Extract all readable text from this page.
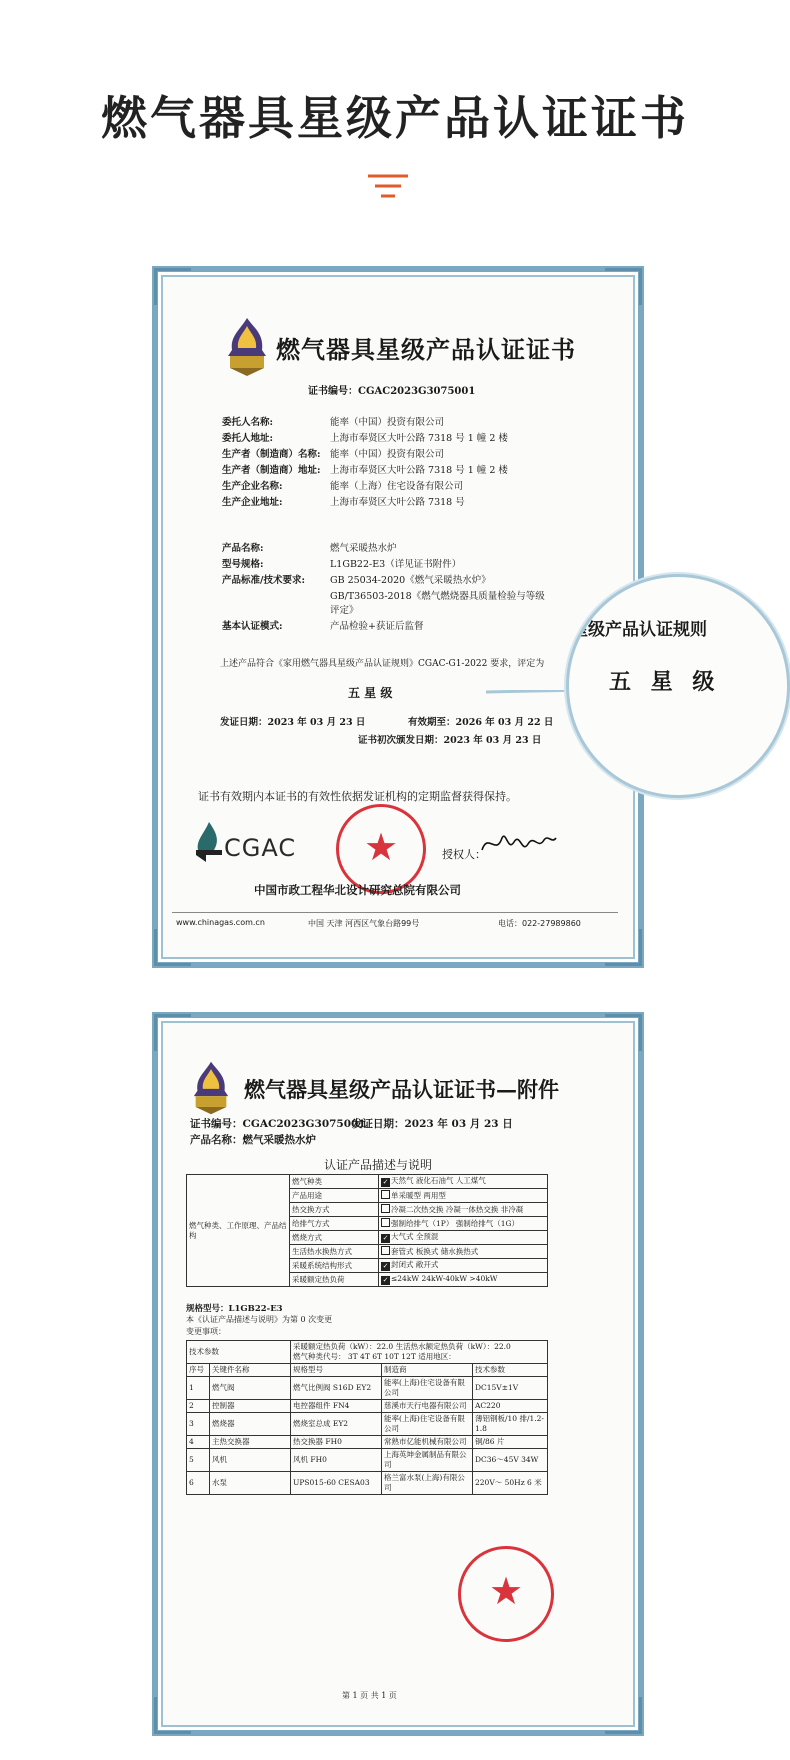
燃气器具星级产品认证证书
燃气器具星级产品认证证书
证书编号：CGAC2023G3075001
委托人名称:	能率（中国）投资有限公司
委托人地址:	上海市奉贤区大叶公路 7318 号 1 幢 2 楼
生产者（制造商）名称: 能率（中国）投资有限公司
生产者（制造商）地址: 上海市奉贤区大叶公路 7318 号 1 幢 2 楼
生产企业名称:	能率（上海）住宅设备有限公司
生产企业地址:	上海市奉贤区大叶公路 7318 号
产品名称:	燃气采暖热水炉
型号规格:	L1GB22-E3（详见证书附件）
产品标准/技术要求:	GB 25034-2020《燃气采暖热水炉》
GB/T36503-2018《燃气燃烧器具质量检验与等级
评定》
基本认证模式:	产品检验+获证后监督
上述产品符合《家用燃气器具星级产品认证规则》CGAC-G1-2022 要求，评定为
五 星 级
发证日期：2023 年 03 月 23 日	有效期至：2026 年 03 月 22 日
证书初次颁发日期：2023 年 03 月 23 日
证书有效期内本证书的有效性依据发证机构的定期监督获得保持。
CGAC	★	授权人：
中国市政工程华北设计研究总院有限公司
www.chinagas.com.cn	中国 天津 河西区气象台路99号	电话：022-27989860
星级产品认证规则
五 星 级
燃气器具星级产品认证证书—附件
证书编号：CGAC2023G3075001
发证日期：2023 年 03 月 23 日
产品名称：燃气采暖热水炉
认证产品描述与说明
燃气种类、工作原理、产品结构	燃气种类	✓ 天然气 液化石油气 人工煤气
	产品用途	单采暖型 两用型
	热交换方式	冷凝二次热交换 冷凝一体热交换 非冷凝
	给排气方式	强制给排气（1P） 强制给排气（1G）
	燃烧方式	✓ 大气式 全预混
	生活热水换热方式	套管式 板换式 储水换热式
	采暖系统结构形式	✓ 封闭式 敞开式
	采暖额定热负荷	✓ ≤24kW 24kW-40kW >40kW
规格型号：L1GB22-E3
本《认证产品描述与说明》为第 0 次变更
变更事项：
技术参数		采暖额定热负荷（kW）：22.0 生活热水额定热负荷（kW）：22.0
燃气种类代号： 3T 4T 6T 10T 12T 适用地区：		

序号	关键件名称	规格型号	制造商	技术参数
1	燃气阀	燃气比例阀 S16D EY2	能率(上海)住宅设备有限公司	DC15V±1V
2	控制器	电控器组件 FN4	慈溪市天行电器有限公司	AC220
3	燃烧器	燃烧室总成 EY2	能率(上海)住宅设备有限公司	薄铝钢板/10 排/1.2-1.8
4	主热交换器	热交换器 FH0	常熟市亿能机械有限公司	铜/86 片
5	风机	风机 FH0	上海英坤金属制品有限公司	DC36～45V 34W
6	水泵	UPS015-60 CESA03	格兰富水泵(上海)有限公司	220V～ 50Hz 6 米
★
第 1 页 共 1 页
